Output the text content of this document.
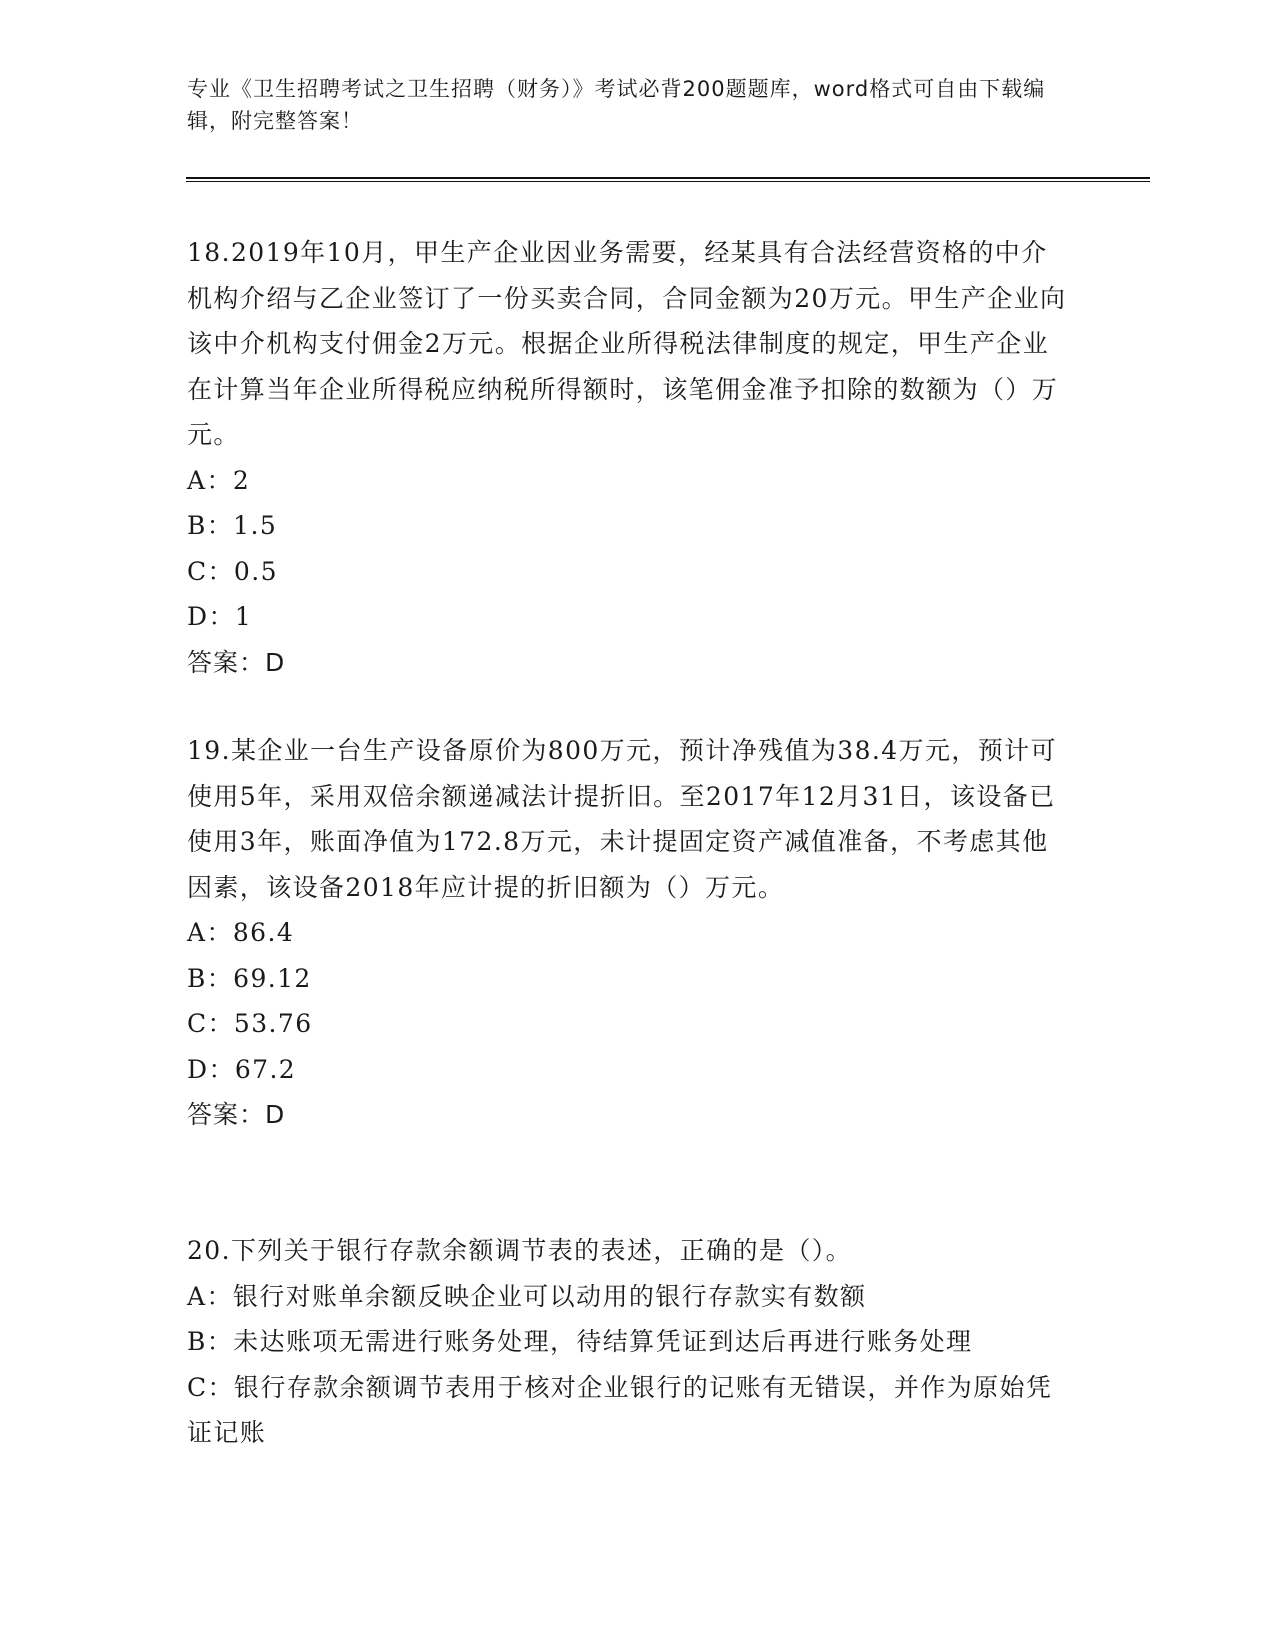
专业《卫生招聘考试之卫生招聘（财务）》考试必背200题题库，word格式可自由下载编辑，附完整答案！

18.2019年10月，甲生产企业因业务需要，经某具有合法经营资格的中介机构介绍与乙企业签订了一份买卖合同，合同金额为20万元。甲生产企业向该中介机构支付佣金2万元。根据企业所得税法律制度的规定，甲生产企业在计算当年企业所得税应纳税所得额时，该笔佣金准予扣除的数额为（）万元。

A：2

B：1.5

C：0.5

D：1

答案：D

19.某企业一台生产设备原价为800万元，预计净残值为38.4万元，预计可使用5年，采用双倍余额递减法计提折旧。至2017年12月31日，该设备已使用3年，账面净值为172.8万元，未计提固定资产减值准备，不考虑其他因素，该设备2018年应计提的折旧额为（）万元。

A：86.4

B：69.12

C：53.76

D：67.2

答案：D

20.下列关于银行存款余额调节表的表述，正确的是（）。

A：银行对账单余额反映企业可以动用的银行存款实有数额

B：未达账项无需进行账务处理，待结算凭证到达后再进行账务处理

C：银行存款余额调节表用于核对企业银行的记账有无错误，并作为原始凭证记账
